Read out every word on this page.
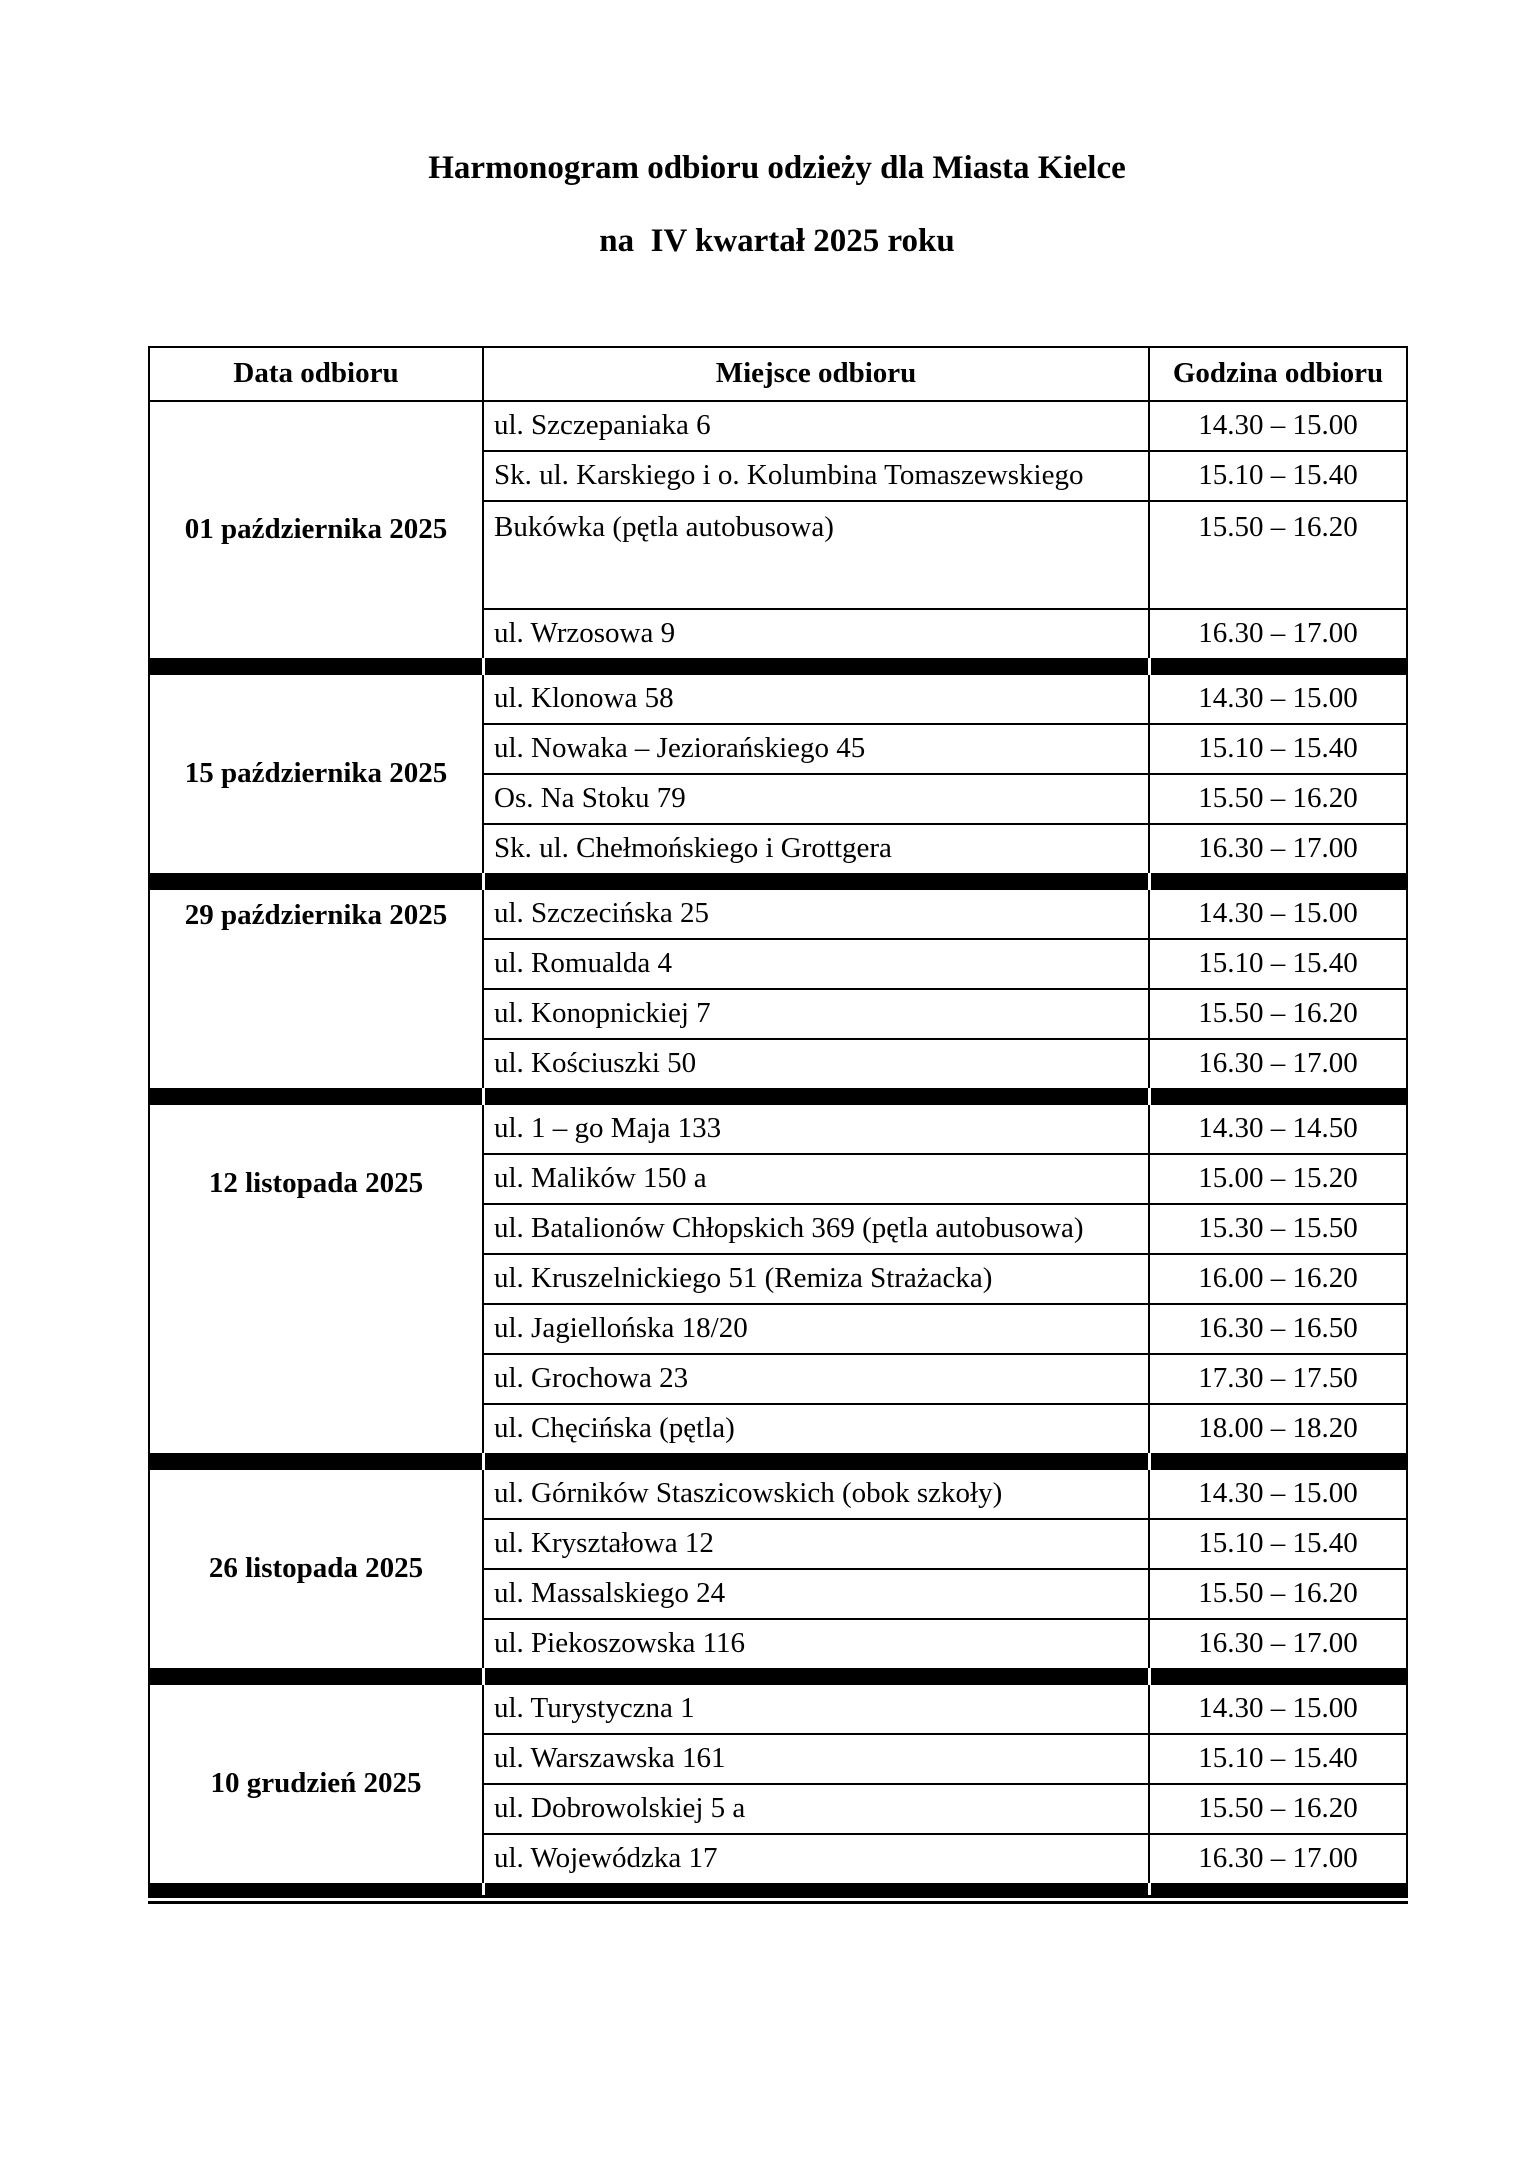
Harmonogram odbioru odzieży dla Miasta Kielce

na  IV kwartał 2025 roku

Data odbioru	Miejsce odbioru	Godzina odbioru
01 października 2025	ul. Szczepaniaka 6	14.30 – 15.00
	Sk. ul. Karskiego i o. Kolumbina Tomaszewskiego	15.10 – 15.40
	Bukówka (pętla autobusowa)	15.50 – 16.20
	ul. Wrzosowa 9	16.30 – 17.00

15 października 2025	ul. Klonowa 58	14.30 – 15.00
	ul. Nowaka – Jeziorańskiego 45	15.10 – 15.40
	Os. Na Stoku 79	15.50 – 16.20
	Sk. ul. Chełmońskiego i Grottgera	16.30 – 17.00

29 października 2025	ul. Szczecińska 25	14.30 – 15.00
	ul. Romualda 4	15.10 – 15.40
	ul. Konopnickiej 7	15.50 – 16.20
	ul. Kościuszki 50	16.30 – 17.00

12 listopada 2025	ul. 1 – go Maja 133	14.30 – 14.50
	ul. Malików 150 a	15.00 – 15.20
	ul. Batalionów Chłopskich 369 (pętla autobusowa)	15.30 – 15.50
	ul. Kruszelnickiego 51 (Remiza Strażacka)	16.00 – 16.20
	ul. Jagiellońska 18/20	16.30 – 16.50
	ul. Grochowa 23	17.30 – 17.50
	ul. Chęcińska (pętla)	18.00 – 18.20

26 listopada 2025	ul. Górników Staszicowskich (obok szkoły)	14.30 – 15.00
	ul. Kryształowa 12	15.10 – 15.40
	ul. Massalskiego 24	15.50 – 16.20
	ul. Piekoszowska 116	16.30 – 17.00

10 grudzień 2025	ul. Turystyczna 1	14.30 – 15.00
	ul. Warszawska 161	15.10 – 15.40
	ul. Dobrowolskiej 5 a	15.50 – 16.20
	ul. Wojewódzka 17	16.30 – 17.00
